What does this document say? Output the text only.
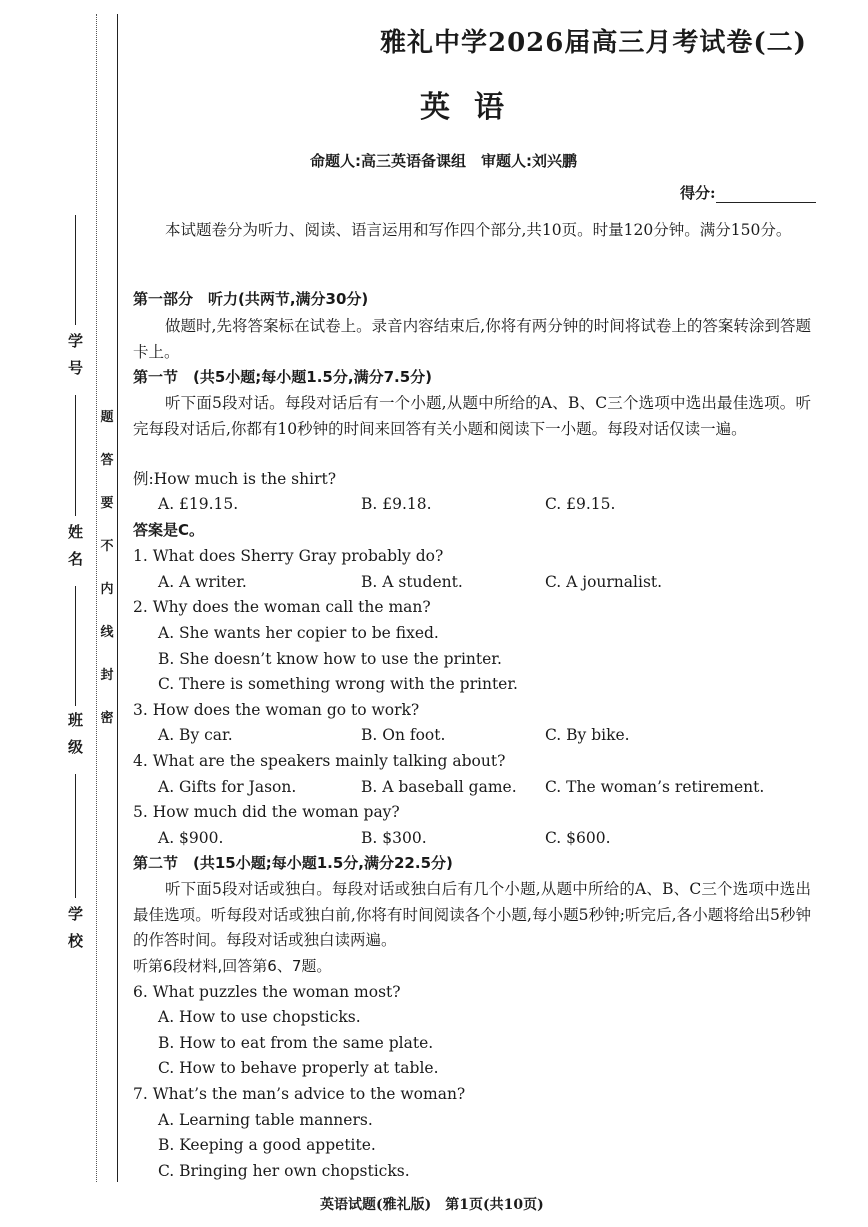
学号
姓名
班级
学校
题
答
要
不
内
线
封
密
雅礼中学2026届高三月考试卷(二)
英语
命题人:高三英语备课组　审题人:刘兴鹏
得分:
本试题卷分为听力、阅读、语言运用和写作四个部分,共10页。时量120分钟。满分150分。
第一部分　听力(共两节,满分30分)
做题时,先将答案标在试卷上。录音内容结束后,你将有两分钟的时间将试卷上的答案转涂到答题卡上。
第一节　(共5小题;每小题1.5分,满分7.5分)
听下面5段对话。每段对话后有一个小题,从题中所给的A、B、C三个选项中选出最佳选项。听完每段对话后,你都有10秒钟的时间来回答有关小题和阅读下一小题。每段对话仅读一遍。
例:How much is the shirt?
A. £19.15.	B. £9.18.	C. £9.15.
答案是C。
1. What does Sherry Gray probably do?
A. A writer.	B. A student.	C. A journalist.
2. Why does the woman call the man?
A. She wants her copier to be fixed.
B. She doesn’t know how to use the printer.
C. There is something wrong with the printer.
3. How does the woman go to work?
A. By car.	B. On foot.	C. By bike.
4. What are the speakers mainly talking about?
A. Gifts for Jason.	B. A baseball game. C. The woman’s retirement.
5. How much did the woman pay?
A. $900.	B. $300.	C. $600.
第二节　(共15小题;每小题1.5分,满分22.5分)
听下面5段对话或独白。每段对话或独白后有几个小题,从题中所给的A、B、C三个选项中选出最佳选项。听每段对话或独白前,你将有时间阅读各个小题,每小题5秒钟;听完后,各小题将给出5秒钟的作答时间。每段对话或独白读两遍。
听第6段材料,回答第6、7题。
6. What puzzles the woman most?
A. How to use chopsticks.
B. How to eat from the same plate.
C. How to behave properly at table.
7. What’s the man’s advice to the woman?
A. Learning table manners.
B. Keeping a good appetite.
C. Bringing her own chopsticks.
英语试题(雅礼版)　第1页(共10页)
